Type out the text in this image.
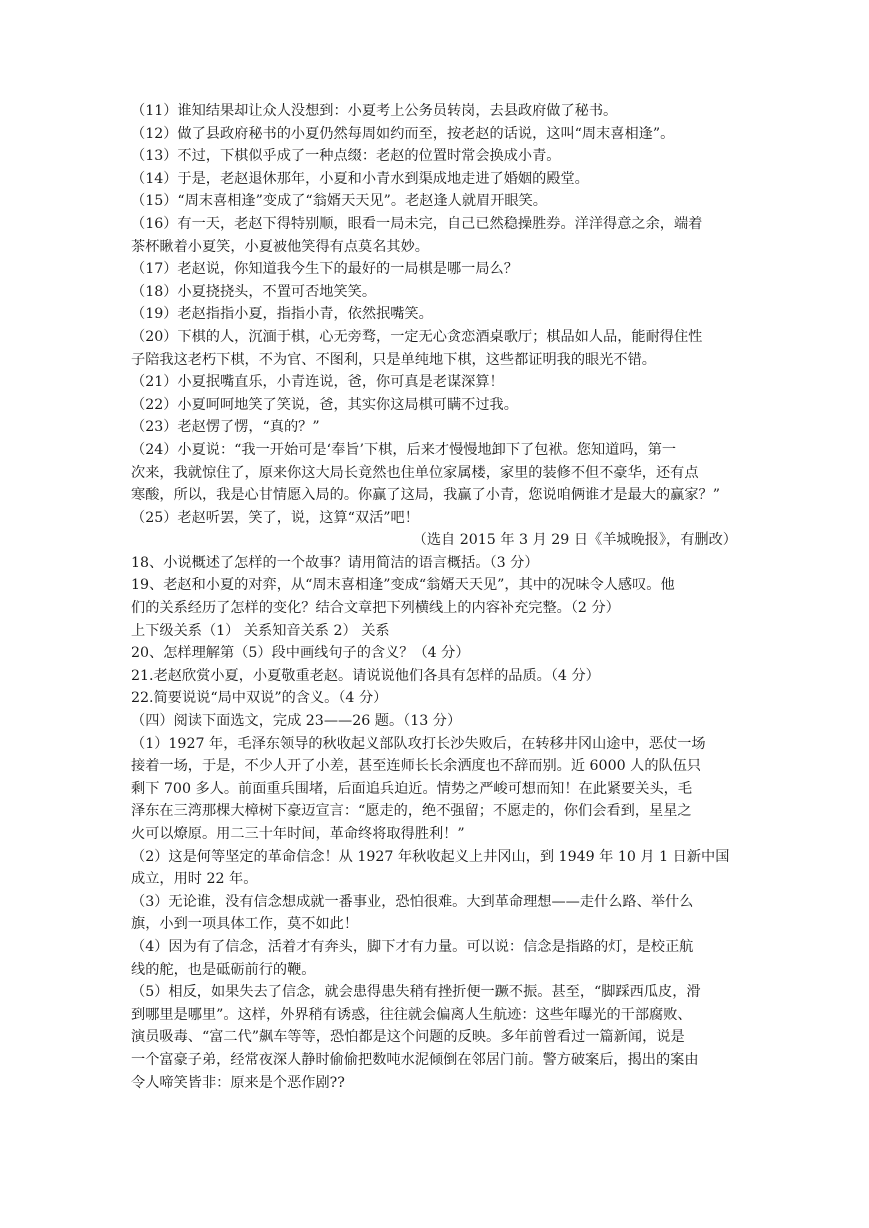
（11）谁知结果却让众人没想到：小夏考上公务员转岗，去县政府做了秘书。

（12）做了县政府秘书的小夏仍然每周如约而至，按老赵的话说，这叫“周末喜相逢”。

（13）不过，下棋似乎成了一种点缀：老赵的位置时常会换成小青。

（14）于是，老赵退休那年，小夏和小青水到渠成地走进了婚姻的殿堂。

（15）“周末喜相逢”变成了“翁婿天天见”。老赵逢人就眉开眼笑。

（16）有一天，老赵下得特别顺，眼看一局未完，自己已然稳操胜券。洋洋得意之余，端着

茶杯瞅着小夏笑，小夏被他笑得有点莫名其妙。

（17）老赵说，你知道我今生下的最好的一局棋是哪一局么？

（18）小夏挠挠头，不置可否地笑笑。

（19）老赵指指小夏，指指小青，依然抿嘴笑。

（20）下棋的人，沉湎于棋，心无旁骛，一定无心贪恋酒桌歌厅；棋品如人品，能耐得住性

子陪我这老朽下棋，不为官、不图利，只是单纯地下棋，这些都证明我的眼光不错。

（21）小夏抿嘴直乐，小青连说，爸，你可真是老谋深算！

（22）小夏呵呵地笑了笑说，爸，其实你这局棋可瞒不过我。

（23）老赵愣了愣，“真的？”

（24）小夏说：“我一开始可是‘奉旨’下棋，后来才慢慢地卸下了包袱。您知道吗，第一

次来，我就惊住了，原来你这大局长竟然也住单位家属楼，家里的装修不但不豪华，还有点

寒酸，所以，我是心甘情愿入局的。你赢了这局，我赢了小青，您说咱俩谁才是最大的赢家？”

（25）老赵听罢，笑了，说，这算“双活”吧！

（选自 2015 年 3 月 29 日《羊城晚报》，有删改）

18、小说概述了怎样的一个故事？请用简洁的语言概括。（3 分）

19、老赵和小夏的对弈，从“周末喜相逢”变成“翁婿天天见”，其中的况味令人感叹。他

们的关系经历了怎样的变化？结合文章把下列横线上的内容补充完整。（2 分）

上下级关系（1） 关系知音关系 2） 关系

20、怎样理解第（5）段中画线句子的含义？（4 分）

21.老赵欣赏小夏，小夏敬重老赵。请说说他们各具有怎样的品质。（4 分）

22.简要说说“局中双说”的含义。（4 分）

（四）阅读下面选文，完成 23——26 题。（13 分）

（1）1927 年，毛泽东领导的秋收起义部队攻打长沙失败后，在转移井冈山途中，恶仗一场

接着一场，于是，不少人开了小差，甚至连师长长余洒度也不辞而别。近 6000 人的队伍只

剩下 700 多人。前面重兵围堵，后面追兵迫近。情势之严峻可想而知！在此紧要关头，毛

泽东在三湾那棵大樟树下豪迈宣言：“愿走的，绝不强留；不愿走的，你们会看到，星星之

火可以燎原。用二三十年时间，革命终将取得胜利！”

（2）这是何等坚定的革命信念！从 1927 年秋收起义上井冈山，到 1949 年 10 月 1 日新中国

成立，用时 22 年。

（3）无论谁，没有信念想成就一番事业，恐怕很难。大到革命理想——走什么路、举什么

旗，小到一项具体工作，莫不如此！

（4）因为有了信念，活着才有奔头，脚下才有力量。可以说：信念是指路的灯，是校正航

线的舵，也是砥砺前行的鞭。

（5）相反，如果失去了信念，就会患得患失稍有挫折便一蹶不振。甚至，“脚踩西瓜皮，滑

到哪里是哪里”。这样，外界稍有诱惑，往往就会偏离人生航迹：这些年曝光的干部腐败、

演员吸毒、“富二代”飙车等等，恐怕都是这个问题的反映。多年前曾看过一篇新闻，说是

一个富豪子弟，经常夜深人静时偷偷把数吨水泥倾倒在邻居门前。警方破案后，揭出的案由

令人啼笑皆非：原来是个恶作剧??
